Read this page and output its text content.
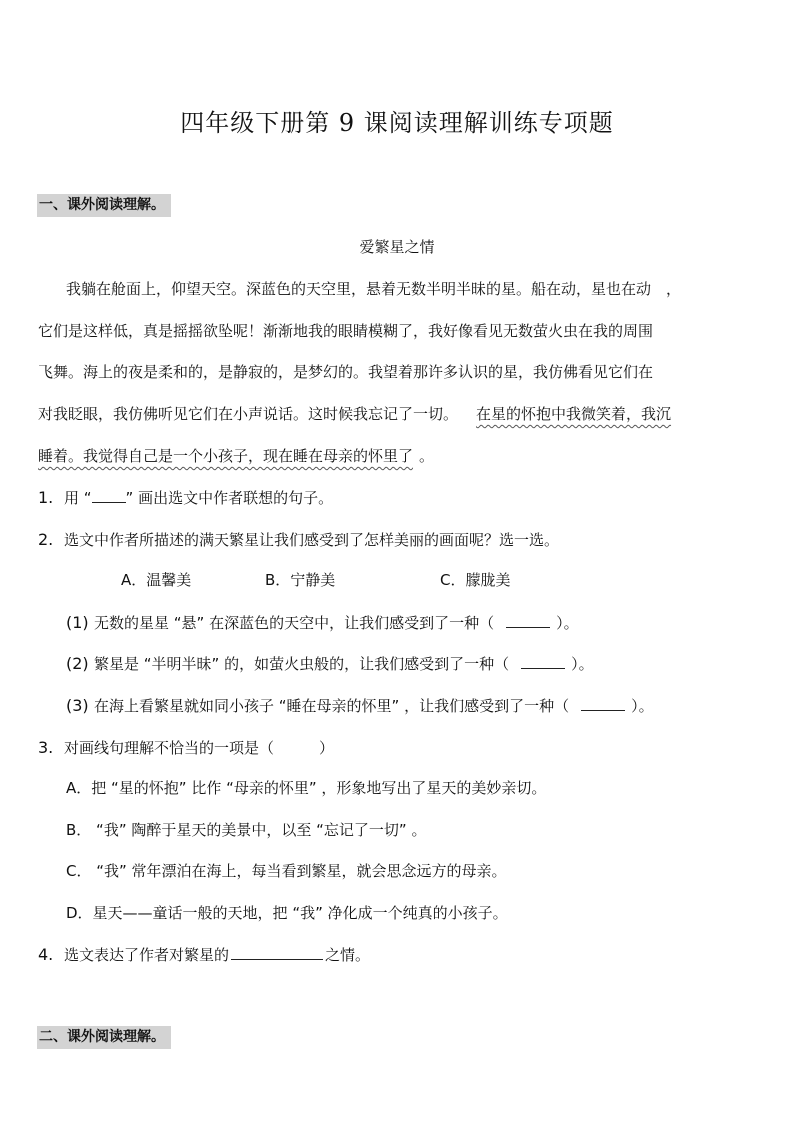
四年级下册第 9 课阅读理解训练专项题
一、课外阅读理解。
爱繁星之情
我躺在舱面上，仰望天空。深蓝色的天空里，悬着无数半明半昧的星。船在动，星也在动　，
它们是这样低，真是摇摇欲坠呢！渐渐地我的眼睛模糊了，我好像看见无数萤火虫在我的周围
飞舞。海上的夜是柔和的，是静寂的，是梦幻的。我望着那许多认识的星，我仿佛看见它们在
对我眨眼，我仿佛听见它们在小声说话。这时候我忘记了一切。 在星的怀抱中我微笑着，我沉
睡着。我觉得自己是一个小孩子，现在睡在母亲的怀里了 。
1. 用 “ ” 画出选文中作者联想的句子。
2. 选文中作者所描述的满天繁星让我们感受到了怎样美丽的画面呢？选一选。
A．温馨美	B．宁静美	C．朦胧美
(1) 无数的星星 “悬” 在深蓝色的天空中，让我们感受到了一种（	）。
(2) 繁星是 “半明半昧” 的，如萤火虫般的，让我们感受到了一种（	）。
(3) 在海上看繁星就如同小孩子 “睡在母亲的怀里” ，让我们感受到了一种（	）。
3. 对画线句理解不恰当的一项是（　　　）
A．把 “星的怀抱” 比作 “母亲的怀里” ，形象地写出了星天的美妙亲切。
B． “我” 陶醉于星天的美景中，以至 “忘记了一切” 。
C． “我” 常年漂泊在海上，每当看到繁星，就会思念远方的母亲。
D．星天——童话一般的天地，把 “我” 净化成一个纯真的小孩子。
4. 选文表达了作者对繁星的	之情。
二、课外阅读理解。
